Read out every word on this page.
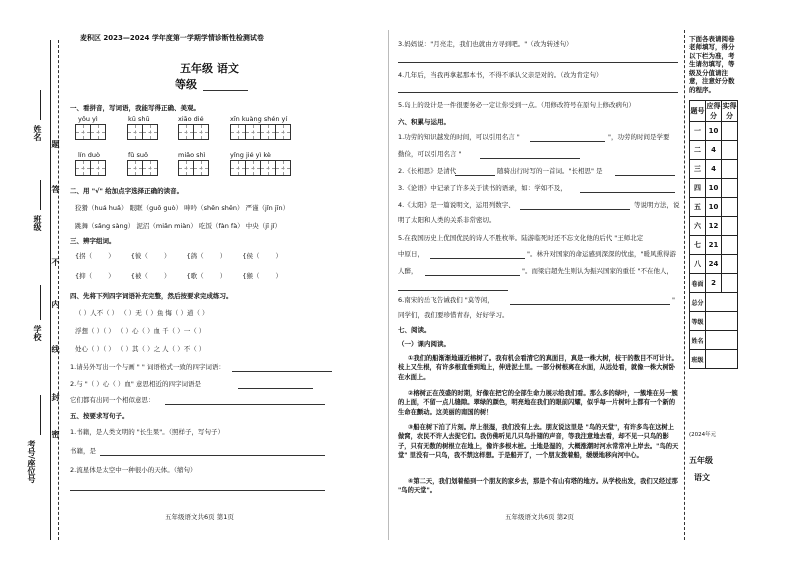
姓名
班级
学校
考号/座位号
题
答
不
内
线
封
密
麦积区 2023—2024 学年度第一学期学情诊断性检测试卷
五年级 语文
等级
一、看拼音，写词语，我能写得正确、美观。
yǒu yì	kū shū	xiāo dié	xīn kuàng shén yí
lín duò	fǔ suǒ	miǎo shì	yǐng jié yì kè
二、用 "√" 给加点字选择正确的读音。
狡猾（huá huǎ） 眼眶（guō guò） 呻吟（shēn shěn） 严谨（jǐn jīn）
跳舞（sǎng sàng） 泥沼（miǎn miàn） 吃饭（fàn fà） 中央（jī jǐ）
三、辨字组词。
{拐（ ） {彼（ ） {鸽（ ） {侯（ ）
{抑（ ） {被（ ） {歌（ ） {猴（ ）
四、先将下列四字词语补充完整，然后按要求完成练习。
（ ）人不（ ） （ ）无（ ）鱼 悔（ ）道（ ）
浮想（ ）（ ） （ ）心（ ）血 千（ ）一（ ）
处心（ ）（ ） （ ）其（ ）之 人（ ）不（ ）
1.请另外写出一个与画 " " 词语格式一致的四字词语：
2.与 "（ ）心（ ）血" 意思相近的四字词语是
它们都有出同一个相似意思：
五、按要求写句子。
1.书籍，是人类文明的 "长生果"。（照样子，写句子）
书籍，是
2.流星体是太空中一种很小的天体。（缩句）
五年级语文共6页 第1页
3.妈妈说："月亮走，我们也就由方寻到吧。"（改为转述句）
4.几年后，当我再拿起那本书，不得不承认父亲是对的。（改为肯定句）
5.岛上的设计是一件很要务必一定让你受到一点。（用修改符号在原句上修改病句）
六、积累与运用。
1.功劳的知识越发的时间，可以引用名言 "	"，功劳的时间是学要
勤俭，可以引用名言 "
2.《长相思》是清代	随骑出行时写的一首词。"长相思" 是
3.《论语》中记录了许多关于读书的语录，如：学如不及，
4.《太阳》是一篇说明文，运用列数字、	等说明方法，说
明了太阳和人类的关系非常密切。
5.在我国历史上优国优民的诗人不胜枚举。陆游临死时还不忘文化他的后代 "王师北定
中原日，	"。林升对国家的命运感到深深的忧虑，"暖风熏得游
人醉，	"。而梁启超先生则认为振兴国家的重任 "不在他人，
6.南宋的岳飞告诫我们 "莫等闲，	"
同学们，我们要珍惜青春，好好学习。
七、阅读。
（一）课内阅读。
①我们的船渐渐地逼近榕树了。我有机会看清它的真面目，真是一株大树，枝干的数目不可计计。枝上又生根，有许多根直垂到地上，伸进泥土里。一部分树根离在水面，从远处看，就像一株大树卧在水面上。
②榕树正在茂盛的时期，好像在把它的全部生命力展示给我们看。那么多的绿叶，一簇堆在另一簇的上面，不留一点儿缝隙。翠绿的颜色，明亮地在我们的眼前闪耀，似乎每一片树叶上都有一个新的生命在颤动。这美丽的南国的树！
③船在树下泊了片刻。岸上很湿，我们没有上去。朋友说这里是 "鸟的天堂"，有许多鸟在这树上做窝，农民不许人去捉它们。我仿佛听见几只鸟扑翅的声音，等我注意地去看，却不见一只鸟的影子，只有无数的树根立在地上，像许多根木桩。土地是湿的，大概涨潮时河水常常冲上岸去。"鸟的天堂" 里没有一只鸟，我不禁这样想。于是船开了，一个朋友拨着船，缓缓地移向河中心。
④第二天，我们划着船到一个朋友的家乡去，那是个有山有塔的地方。从学校出发，我们又经过那 "鸟的天堂"。
五年级语文共6页 第2页
下面各表请阅卷老师填写，得分以下栏为准，考生请勿填写，等级及分值请注意，注意好分数的程序。
题号	应得分	实得分
一	10	
二	4	
三	4	
四	10	
五	10	
六	12	
七	21	
八	24	
卷面	2	
总分		
等级		
姓名		
班级		
(2024年元
五年级
语文
